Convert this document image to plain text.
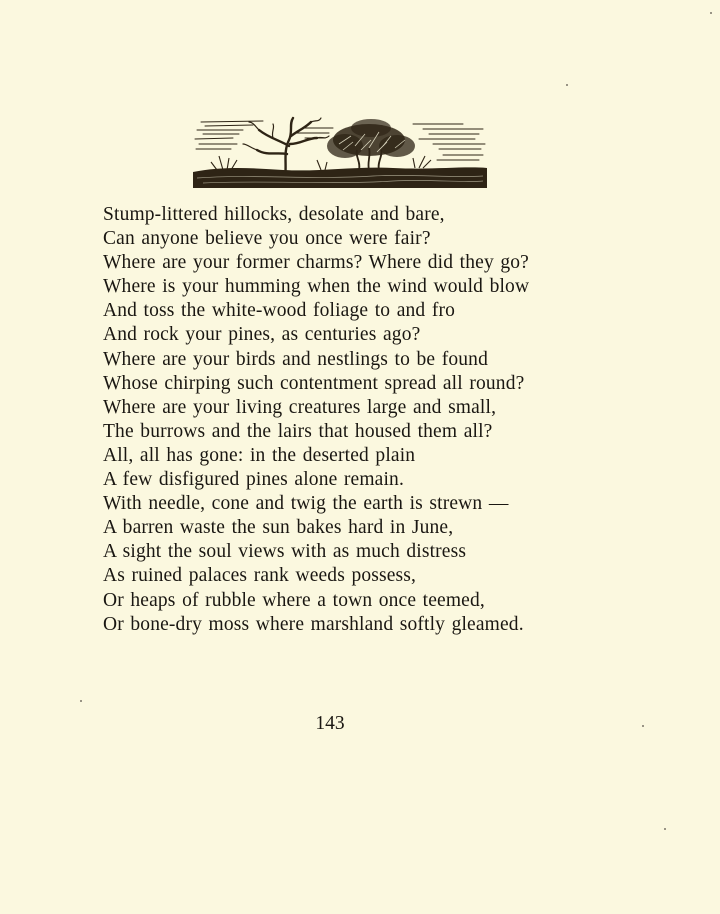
Stump-littered hillocks, desolate and bare,
Can anyone believe you once were fair?
Where are your former charms? Where did they go?
Where is your humming when the wind would blow
And toss the white-wood foliage to and fro
And rock your pines, as centuries ago?
Where are your birds and nestlings to be found
Whose chirping such contentment spread all round?
Where are your living creatures large and small,
The burrows and the lairs that housed them all?
All, all has gone: in the deserted plain
A few disfigured pines alone remain.
With needle, cone and twig the earth is strewn —
A barren waste the sun bakes hard in June,
A sight the soul views with as much distress
As ruined palaces rank weeds possess,
Or heaps of rubble where a town once teemed,
Or bone-dry moss where marshland softly gleamed.
143
